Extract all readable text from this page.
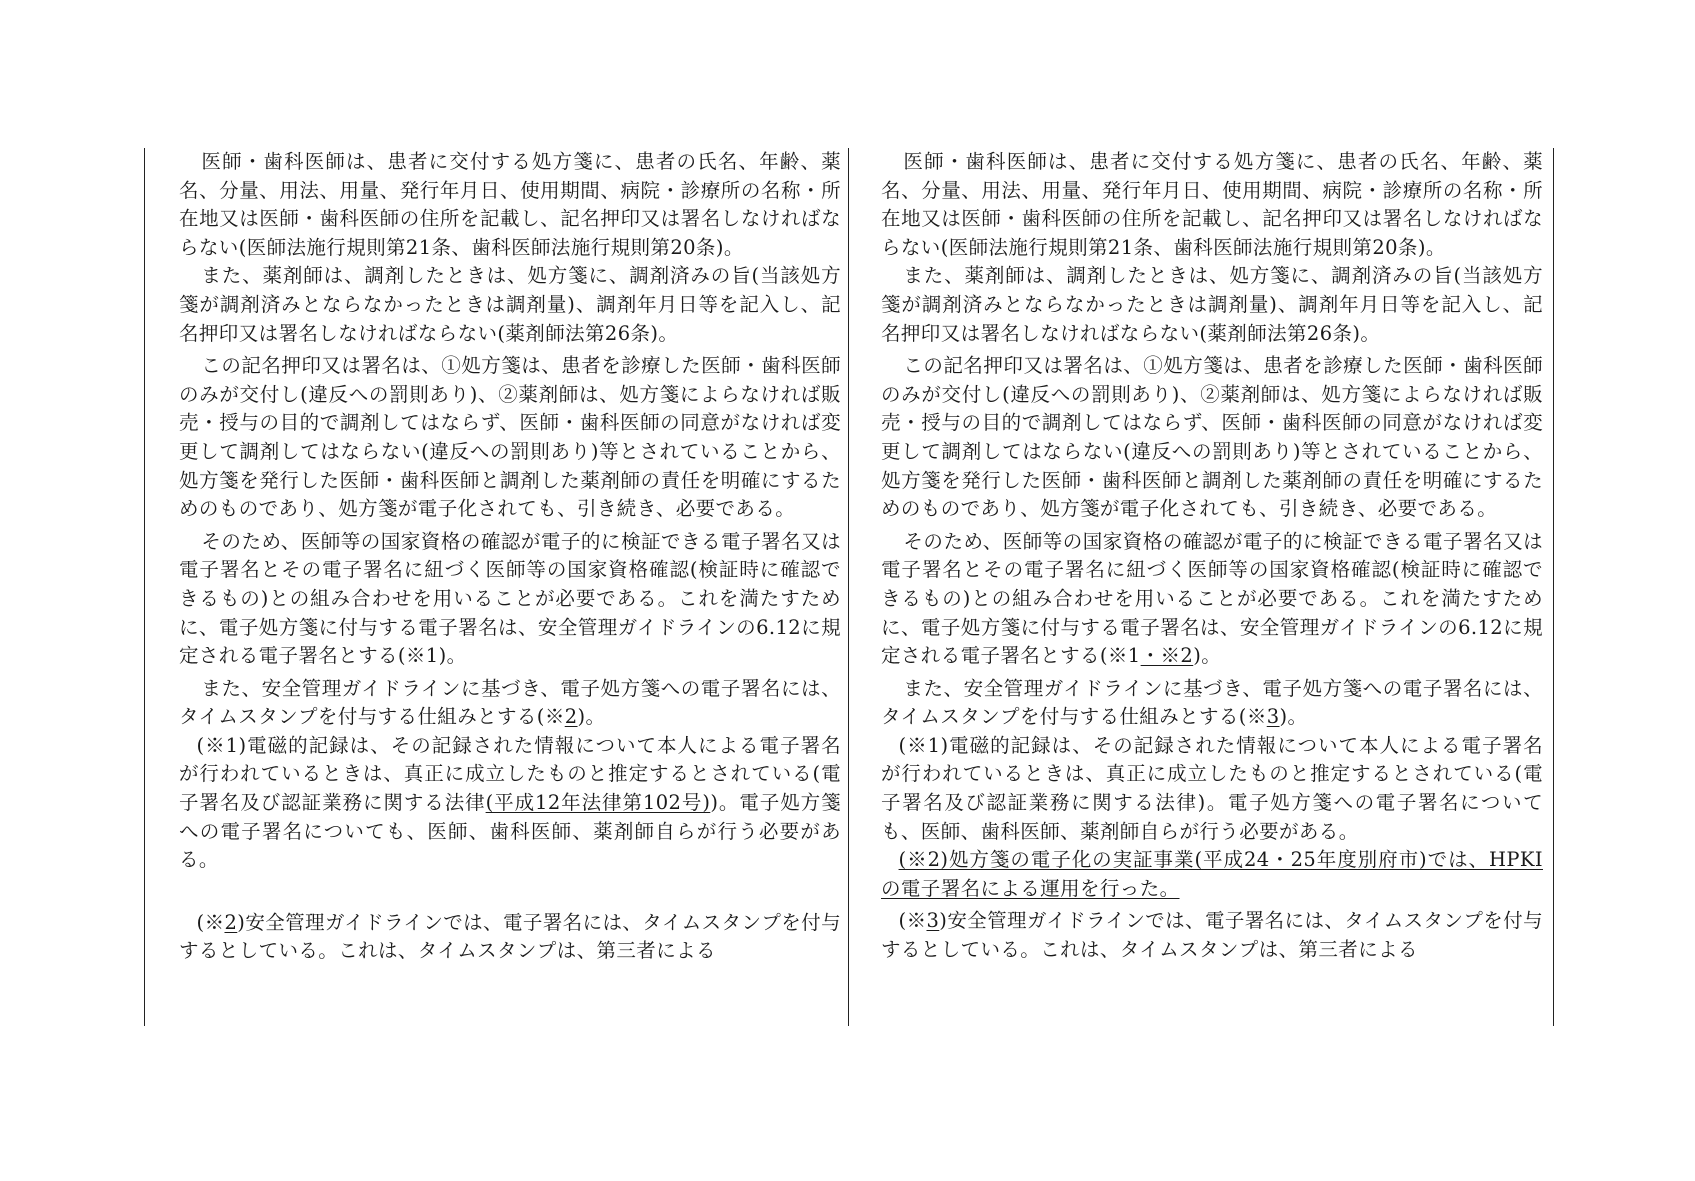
医師・歯科医師は、患者に交付する処方箋に、患者の氏名、年齢、薬名、分量、用法、用量、発行年月日、使用期間、病院・診療所の名称・所在地又は医師・歯科医師の住所を記載し、記名押印又は署名しなければならない(医師法施行規則第21条、歯科医師法施行規則第20条)。

また、薬剤師は、調剤したときは、処方箋に、調剤済みの旨(当該処方箋が調剤済みとならなかったときは調剤量)、調剤年月日等を記入し、記名押印又は署名しなければならない(薬剤師法第26条)。

この記名押印又は署名は、①処方箋は、患者を診療した医師・歯科医師のみが交付し(違反への罰則あり)、②薬剤師は、処方箋によらなければ販売・授与の目的で調剤してはならず、医師・歯科医師の同意がなければ変更して調剤してはならない(違反への罰則あり)等とされていることから、処方箋を発行した医師・歯科医師と調剤した薬剤師の責任を明確にするためのものであり、処方箋が電子化されても、引き続き、必要である。

そのため、医師等の国家資格の確認が電子的に検証できる電子署名又は電子署名とその電子署名に紐づく医師等の国家資格確認(検証時に確認できるもの)との組み合わせを用いることが必要である。これを満たすために、電子処方箋に付与する電子署名は、安全管理ガイドラインの6.12に規定される電子署名とする(※1)。

また、安全管理ガイドラインに基づき、電子処方箋への電子署名には、タイムスタンプを付与する仕組みとする(※2)。

(※1)電磁的記録は、その記録された情報について本人による電子署名が行われているときは、真正に成立したものと推定するとされている(電子署名及び認証業務に関する法律(平成12年法律第102号))。電子処方箋への電子署名についても、医師、歯科医師、薬剤師自らが行う必要がある。

(※2)安全管理ガイドラインでは、電子署名には、タイムスタンプを付与するとしている。これは、タイムスタンプは、第三者による

医師・歯科医師は、患者に交付する処方箋に、患者の氏名、年齢、薬名、分量、用法、用量、発行年月日、使用期間、病院・診療所の名称・所在地又は医師・歯科医師の住所を記載し、記名押印又は署名しなければならない(医師法施行規則第21条、歯科医師法施行規則第20条)。

また、薬剤師は、調剤したときは、処方箋に、調剤済みの旨(当該処方箋が調剤済みとならなかったときは調剤量)、調剤年月日等を記入し、記名押印又は署名しなければならない(薬剤師法第26条)。

この記名押印又は署名は、①処方箋は、患者を診療した医師・歯科医師のみが交付し(違反への罰則あり)、②薬剤師は、処方箋によらなければ販売・授与の目的で調剤してはならず、医師・歯科医師の同意がなければ変更して調剤してはならない(違反への罰則あり)等とされていることから、処方箋を発行した医師・歯科医師と調剤した薬剤師の責任を明確にするためのものであり、処方箋が電子化されても、引き続き、必要である。

そのため、医師等の国家資格の確認が電子的に検証できる電子署名又は電子署名とその電子署名に紐づく医師等の国家資格確認(検証時に確認できるもの)との組み合わせを用いることが必要である。これを満たすために、電子処方箋に付与する電子署名は、安全管理ガイドラインの6.12に規定される電子署名とする(※1・※2)。

また、安全管理ガイドラインに基づき、電子処方箋への電子署名には、タイムスタンプを付与する仕組みとする(※3)。

(※1)電磁的記録は、その記録された情報について本人による電子署名が行われているときは、真正に成立したものと推定するとされている(電子署名及び認証業務に関する法律)。電子処方箋への電子署名についても、医師、歯科医師、薬剤師自らが行う必要がある。

(※2)処方箋の電子化の実証事業(平成24・25年度別府市)では、HPKIの電子署名による運用を行った。

(※3)安全管理ガイドラインでは、電子署名には、タイムスタンプを付与するとしている。これは、タイムスタンプは、第三者による
